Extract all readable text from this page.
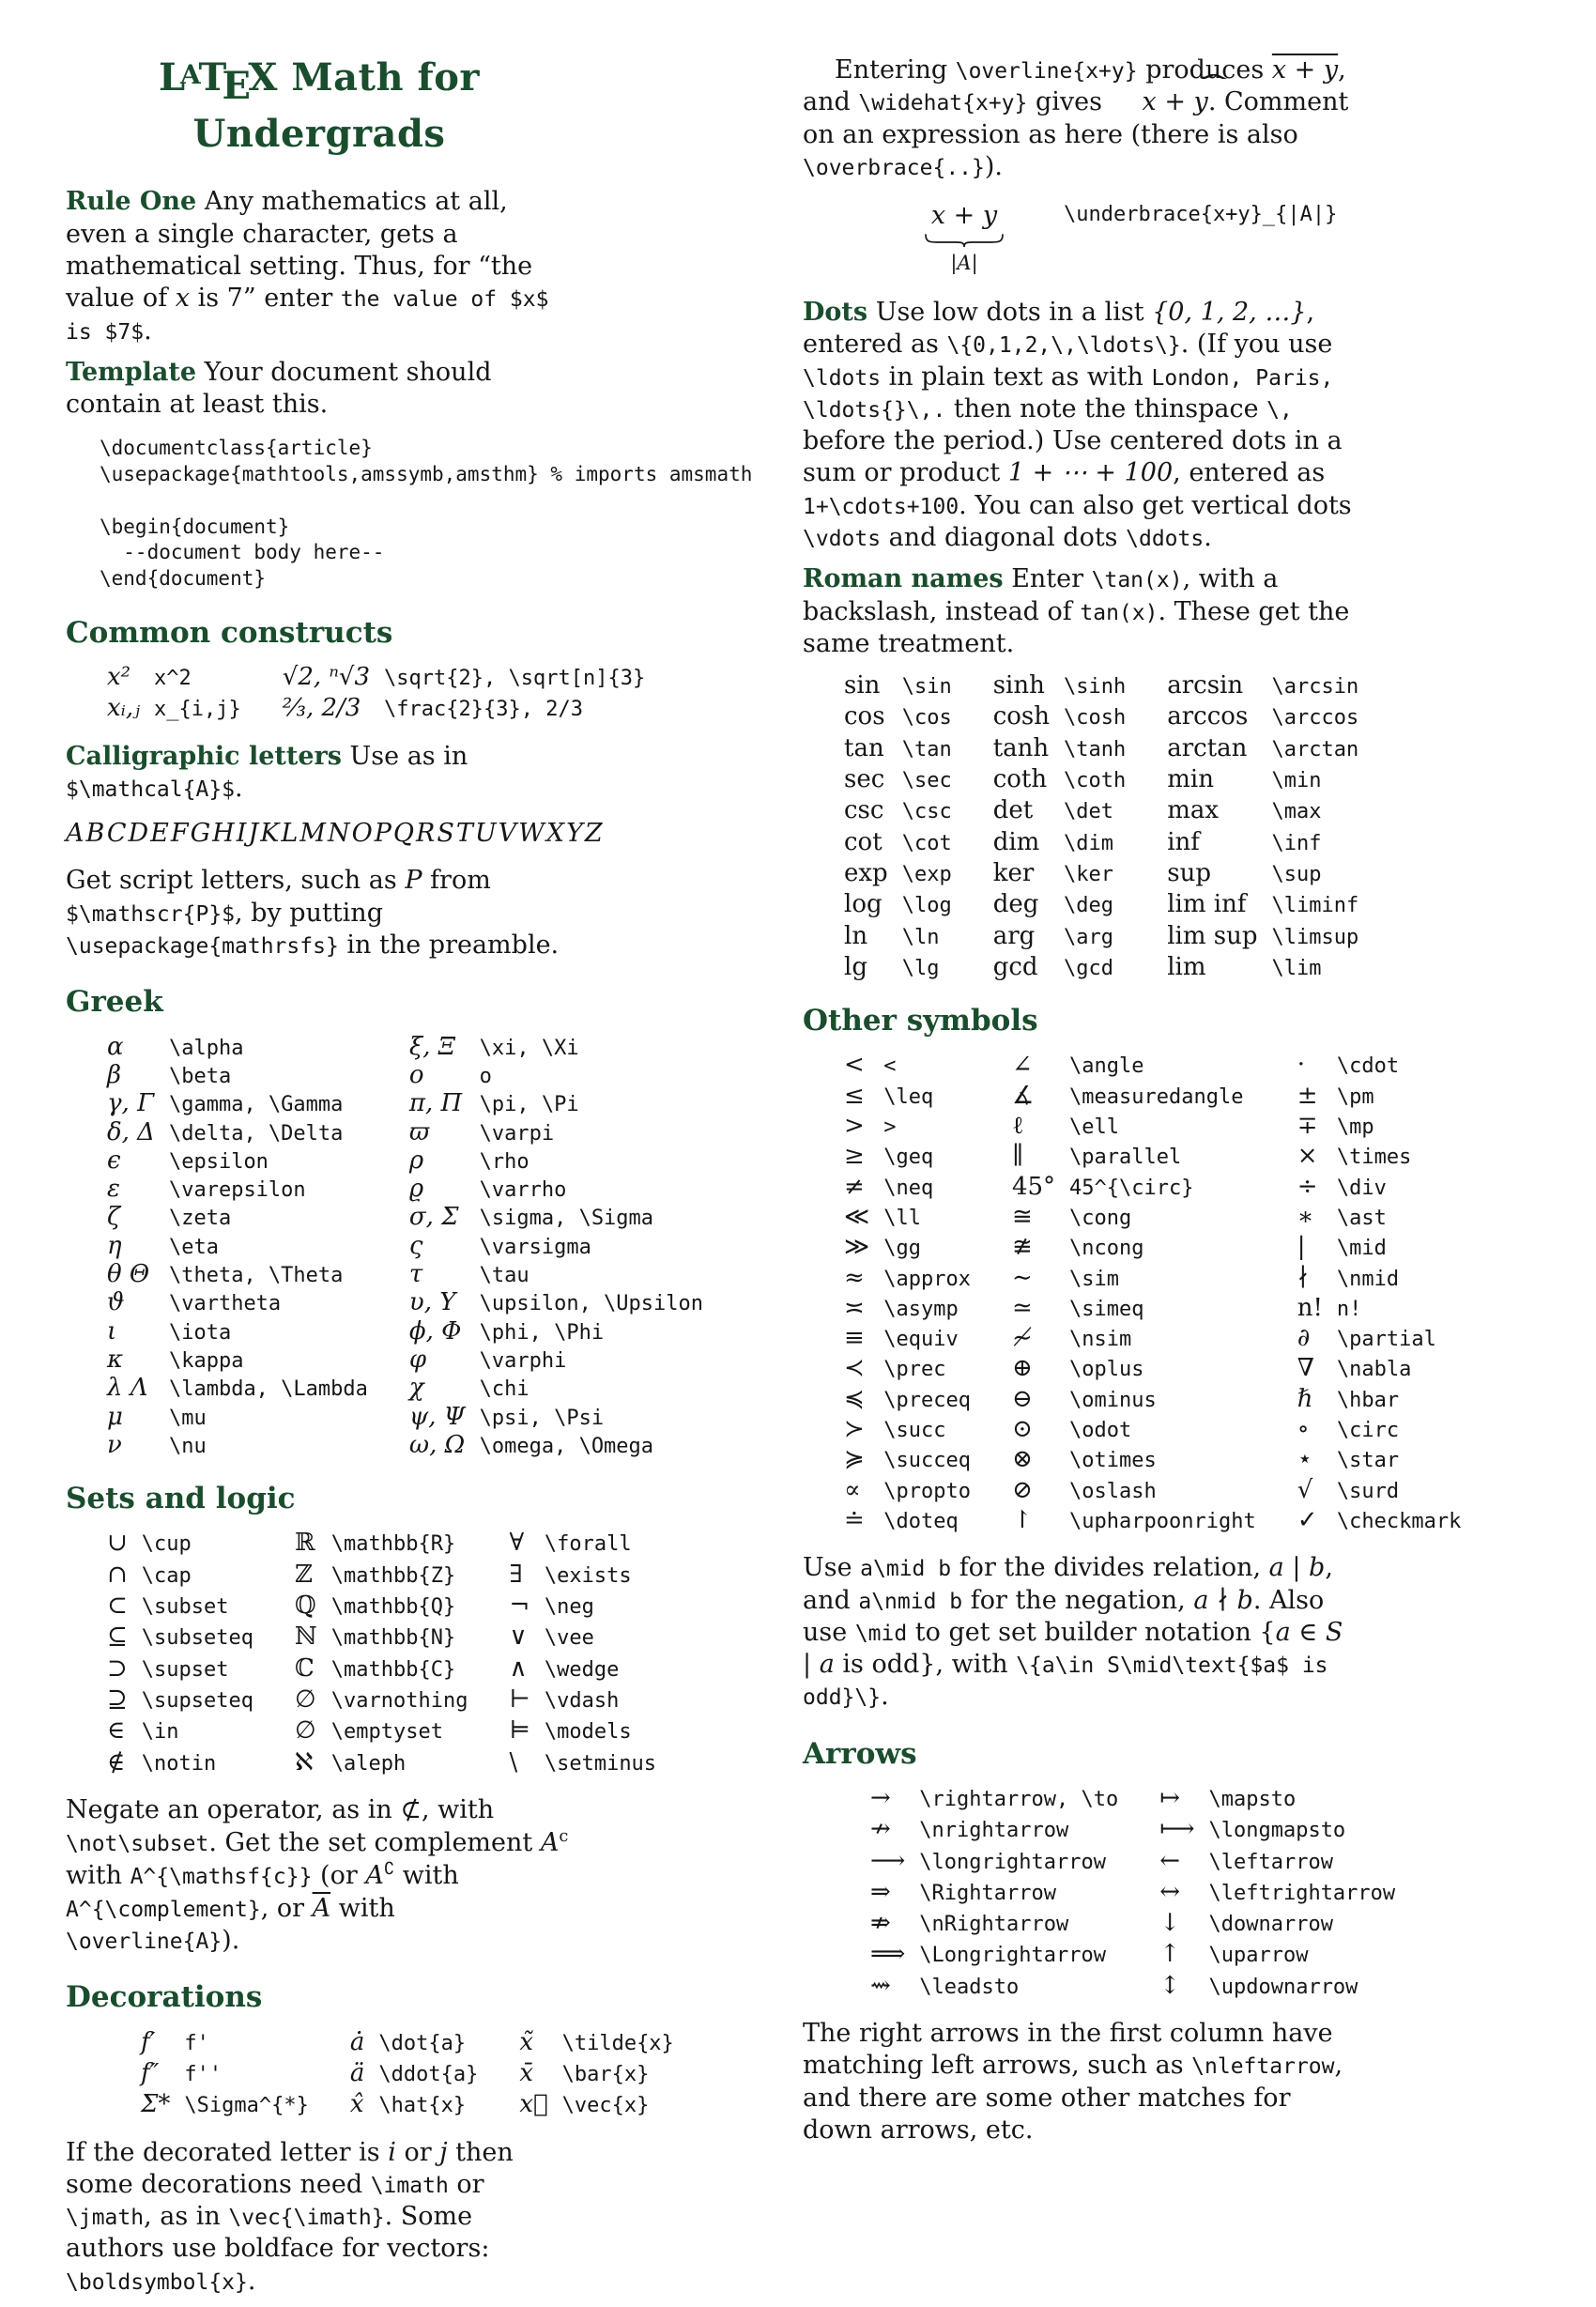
LATEX Math for Undergrads

Rule One Any mathematics at all, even a single character, gets a mathematical setting. Thus, for “the value of x is 7” enter the value of $x$ is $7$.

Template Your document should contain at least this.

\documentclass{article}
\usepackage{mathtools,amssymb,amsthm} % imports amsmath

\begin{document}
--document body here--
\end{document}
Common constructs
x²	x^2	√2, ⁿ√3 \sqrt{2}, \sqrt[n]{3}
xᵢ,ⱼ x_{i,j}	⅔, 2/3	\frac{2}{3}, 2/3

Calligraphic letters Use as in $\mathcal{A}$.

ABCDEFGHIJKLMNOPQRSTUVWXYZ

Get script letters, such as P from $\mathscr{P}$, by putting \usepackage{mathrsfs} in the preamble.

Greek
α	\alpha	ξ, Ξ	\xi, \Xi
β	\beta	o	o
γ, Γ \gamma, \Gamma	π, Π \pi, \Pi
δ, Δ \delta, \Delta	ϖ	\varpi
ϵ	\epsilon	ρ	\rho
ε	\varepsilon	ϱ	\varrho
ζ	\zeta	σ, Σ	\sigma, \Sigma
η	\eta	ς	\varsigma
θ Θ \theta, \Theta	τ	\tau
ϑ	\vartheta	υ, Υ	\upsilon, \Upsilon
ι	\iota	ϕ, Φ \phi, \Phi
κ	\kappa	φ	\varphi
λ Λ	\lambda, \Lambda	χ	\chi
μ	\mu	ψ, Ψ \psi, \Psi
ν	\nu	ω, Ω \omega, \Omega
Sets and logic
∪ \cup	ℝ \mathbb{R}	∀ \forall
∩ \cap	ℤ \mathbb{Z}	∃	\exists
⊂ \subset	ℚ \mathbb{Q}	¬ \neg
⊆ \subseteq	ℕ \mathbb{N}	∨ \vee
⊃ \supset	ℂ \mathbb{C}	∧ \wedge
⊇ \supseteq	∅ \varnothing	⊢ \vdash
∈ \in	∅ \emptyset	⊨ \models
∉ \notin	ℵ \aleph	\	\setminus

Negate an operator, as in ⊄, with \not\subset. Get the set complement $A^c$ with A^{\mathsf{c}} (or A∁ with A^{\complement}, or $\overline{A}$ with \overline{A}).

Decorations
f′	f'	ȧ̇ \dot{a}	x̃	\tilde{x}
f″	f''	ä \ddot{a}	x̄	\bar{x}
Σ* \Sigma^{*}	x̂ \hat{x}	x⃗ \vec{x}

If the decorated letter is i or j then some decorations need \imath or \jmath, as in \vec{\imath}. Some authors use boldface for vectors: \boldsymbol{x}.

Entering \overline{x+y} produces x + y, and \widehat{x+y} gives x + y ˆ. Comment on an expression as here (there is also \overbrace{..}).

x + y
|A|
\underbrace{x+y}_{|A|}

Dots Use low dots in a list {0, 1, 2, …}, entered as \{0,1,2,\,\ldots\}. (If you use \ldots in plain text as with London, Paris, \ldots{}\,. then note the thinspace \, before the period.) Use centered dots in a sum or product 1 + ⋯ + 100, entered as 1+\cdots+100. You can also get vertical dots \vdots and diagonal dots \ddots.

Roman names Enter \tan(x), with a backslash, instead of tan(x). These get the same treatment.

sin	\sin	sinh \sinh	arcsin	\arcsin
cos \cos	cosh \cosh	arccos	\arccos
tan \tan	tanh \tanh	arctan	\arctan
sec \sec	coth \coth	min	\min
csc \csc	det	\det	max	\max
cot \cot	dim	\dim	inf	\inf
exp \exp	ker	\ker	sup	\sup
log \log	deg	\deg	lim inf	\liminf
ln	\ln	arg	\arg	lim sup \limsup
lg	\lg	gcd	\gcd	lim	\lim
Other symbols
< <	∠	\angle	·	\cdot
≤ \leq	∡	\measuredangle	± \pm
> >	ℓ	\ell	∓ \mp
≥ \geq	∥	\parallel	× \times
≠ \neq	45° 45^{\circ}	÷ \div
≪ \ll	≅	\cong	∗	\ast
≫ \gg	≇	\ncong	|	\mid
≈ \approx	∼	\sim	∤	\nmid
≍ \asymp	≃	\simeq	n! n!
≡ \equiv	≁	\nsim	∂	\partial
≺ \prec	⊕	\oplus	∇	\nabla
≼ \preceq	⊖	\ominus	ℏ	\hbar
≻ \succ	⊙	\odot	∘	\circ
≽ \succeq	⊗	\otimes	⋆	\star
∝	\propto	⊘	\oslash	√	\surd
≐ \doteq	↾	\upharpoonright	✓ \checkmark

Use a\mid b for the divides relation, a | b, and a\nmid b for the negation, a ∤ b. Also use \mid to get set builder notation {a ∈ S | a is odd}, with \{a\in S\mid\text{$a$ is odd}\}.

Arrows
→	\rightarrow, \to	↦	\mapsto
↛	\nrightarrow	⟼ \longmapsto
⟶ \longrightarrow	←	\leftarrow
⇒	\Rightarrow	↔	\leftrightarrow
⇏	\nRightarrow	↓	\downarrow
⟹ \Longrightarrow	↑	\uparrow
⇝	\leadsto	↕	\updownarrow

The right arrows in the first column have matching left arrows, such as \nleftarrow, and there are some other matches for down arrows, etc.
